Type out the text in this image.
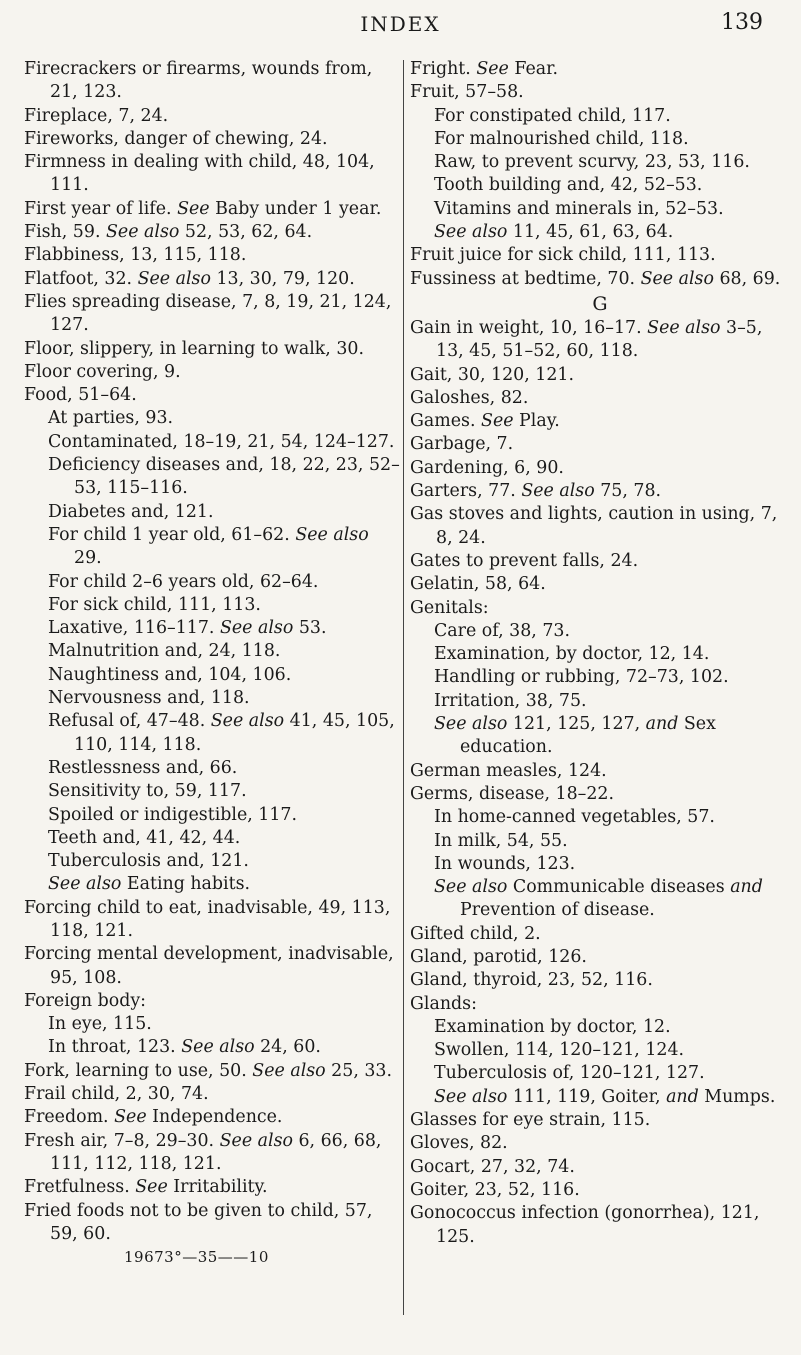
INDEX	139
Firecrackers or firearms, wounds from, 21, 123.
Fireplace, 7, 24.
Fireworks, danger of chewing, 24.
Firmness in dealing with child, 48, 104, 111.
First year of life. See Baby under 1 year.
Fish, 59. See also 52, 53, 62, 64.
Flabbiness, 13, 115, 118.
Flatfoot, 32. See also 13, 30, 79, 120.
Flies spreading disease, 7, 8, 19, 21, 124, 127.
Floor, slippery, in learning to walk, 30.
Floor covering, 9.
Food, 51–64.
At parties, 93.
Contaminated, 18–19, 21, 54, 124–127.
Deficiency diseases and, 18, 22, 23, 52–53, 115–116.
Diabetes and, 121.
For child 1 year old, 61–62. See also 29.
For child 2–6 years old, 62–64.
For sick child, 111, 113.
Laxative, 116–117. See also 53.
Malnutrition and, 24, 118.
Naughtiness and, 104, 106.
Nervousness and, 118.
Refusal of, 47–48. See also 41, 45, 105, 110, 114, 118.
Restlessness and, 66.
Sensitivity to, 59, 117.
Spoiled or indigestible, 117.
Teeth and, 41, 42, 44.
Tuberculosis and, 121.
See also Eating habits.
Forcing child to eat, inadvisable, 49, 113, 118, 121.
Forcing mental development, inadvisable, 95, 108.
Foreign body:
In eye, 115.
In throat, 123. See also 24, 60.
Fork, learning to use, 50. See also 25, 33.
Frail child, 2, 30, 74.
Freedom. See Independence.
Fresh air, 7–8, 29–30. See also 6, 66, 68, 111, 112, 118, 121.
Fretfulness. See Irritability.
Fried foods not to be given to child, 57, 59, 60.
19673°—35——10
Fright. See Fear.
Fruit, 57–58.
For constipated child, 117.
For malnourished child, 118.
Raw, to prevent scurvy, 23, 53, 116.
Tooth building and, 42, 52–53.
Vitamins and minerals in, 52–53.
See also 11, 45, 61, 63, 64.
Fruit juice for sick child, 111, 113.
Fussiness at bedtime, 70. See also 68, 69.
G
Gain in weight, 10, 16–17. See also 3–5, 13, 45, 51–52, 60, 118.
Gait, 30, 120, 121.
Galoshes, 82.
Games. See Play.
Garbage, 7.
Gardening, 6, 90.
Garters, 77. See also 75, 78.
Gas stoves and lights, caution in using, 7, 8, 24.
Gates to prevent falls, 24.
Gelatin, 58, 64.
Genitals:
Care of, 38, 73.
Examination, by doctor, 12, 14.
Handling or rubbing, 72–73, 102.
Irritation, 38, 75.
See also 121, 125, 127, and Sex education.
German measles, 124.
Germs, disease, 18–22.
In home-canned vegetables, 57.
In milk, 54, 55.
In wounds, 123.
See also Communicable diseases and Prevention of disease.
Gifted child, 2.
Gland, parotid, 126.
Gland, thyroid, 23, 52, 116.
Glands:
Examination by doctor, 12.
Swollen, 114, 120–121, 124.
Tuberculosis of, 120–121, 127.
See also 111, 119, Goiter, and Mumps.
Glasses for eye strain, 115.
Gloves, 82.
Gocart, 27, 32, 74.
Goiter, 23, 52, 116.
Gonococcus infection (gonorrhea), 121, 125.
